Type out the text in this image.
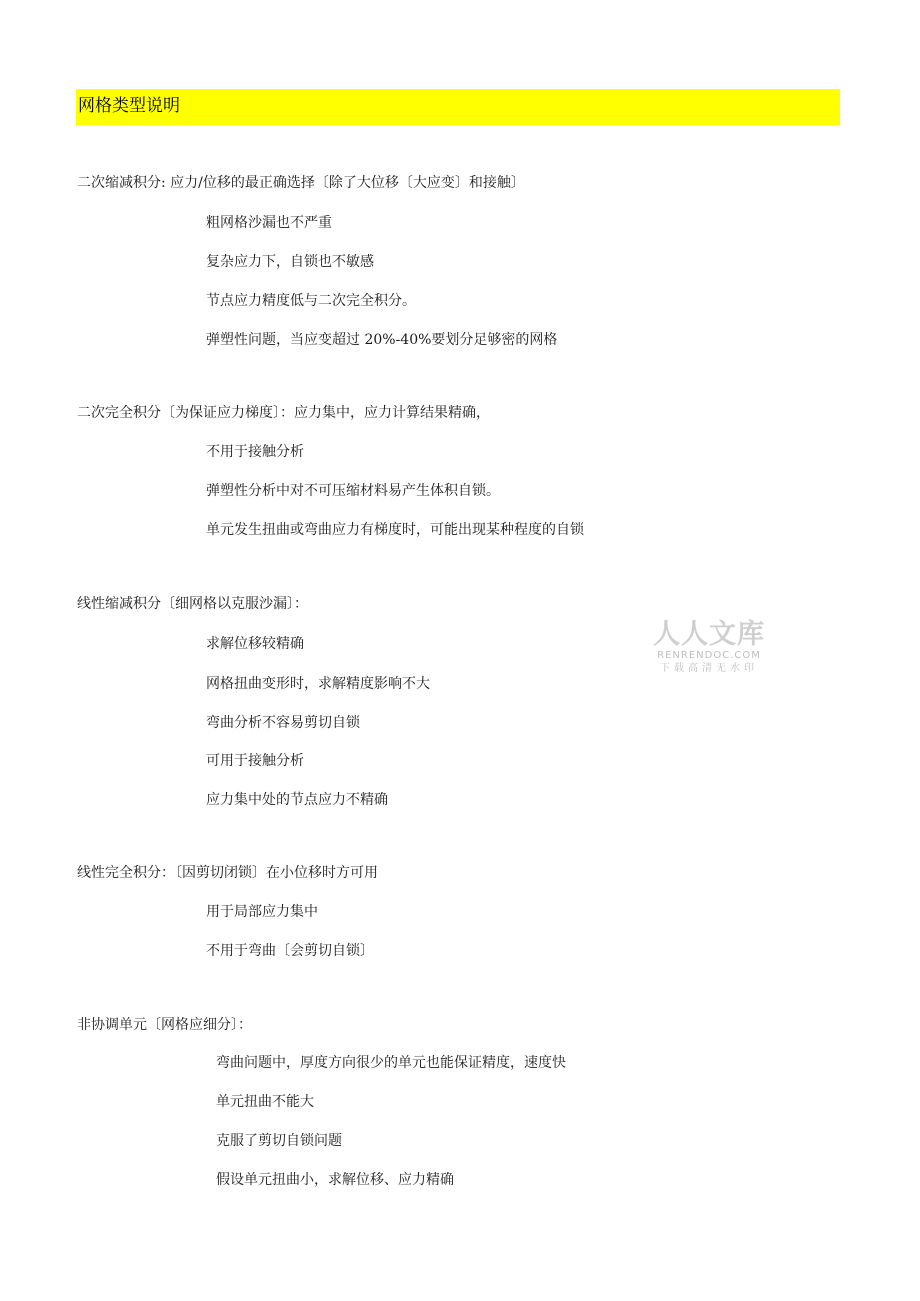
网格类型说明
二次缩减积分: 应力/位移的最正确选择〔除了大位移〔大应变〕和接触〕
粗网格沙漏也不严重
复杂应力下，自锁也不敏感
节点应力精度低与二次完全积分。
弹塑性问题，当应变超过 20%-40%要划分足够密的网格
二次完全积分〔为保证应力梯度〕：应力集中，应力计算结果精确，
不用于接触分析
弹塑性分析中对不可压缩材料易产生体积自锁。
单元发生扭曲或弯曲应力有梯度时，可能出现某种程度的自锁
线性缩减积分〔细网格以克服沙漏〕：
求解位移较精确
网格扭曲变形时，求解精度影响不大
弯曲分析不容易剪切自锁
可用于接触分析
应力集中处的节点应力不精确
线性完全积分：〔因剪切闭锁〕在小位移时方可用
用于局部应力集中
不用于弯曲〔会剪切自锁〕
非协调单元〔网格应细分〕：
弯曲问题中，厚度方向很少的单元也能保证精度，速度快
单元扭曲不能大
克服了剪切自锁问题
假设单元扭曲小，求解位移、应力精确
人人文库
RENRENDOC.COM
下载高清无水印
